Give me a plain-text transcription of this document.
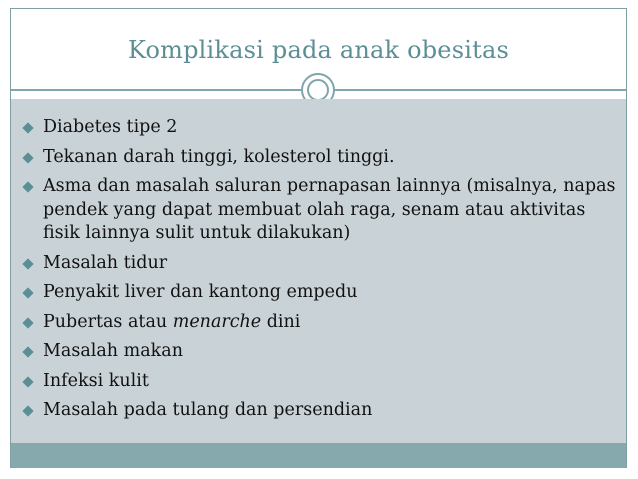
Komplikasi pada anak obesitas
Diabetes tipe 2
Tekanan darah tinggi, kolesterol tinggi.
Asma dan masalah saluran pernapasan lainnya (misalnya, napas pendek yang dapat membuat olah raga, senam atau aktivitas fisik lainnya sulit untuk dilakukan)
Masalah tidur
Penyakit liver dan kantong empedu
Pubertas atau menarche dini
Masalah makan
Infeksi kulit
Masalah pada tulang dan persendian
